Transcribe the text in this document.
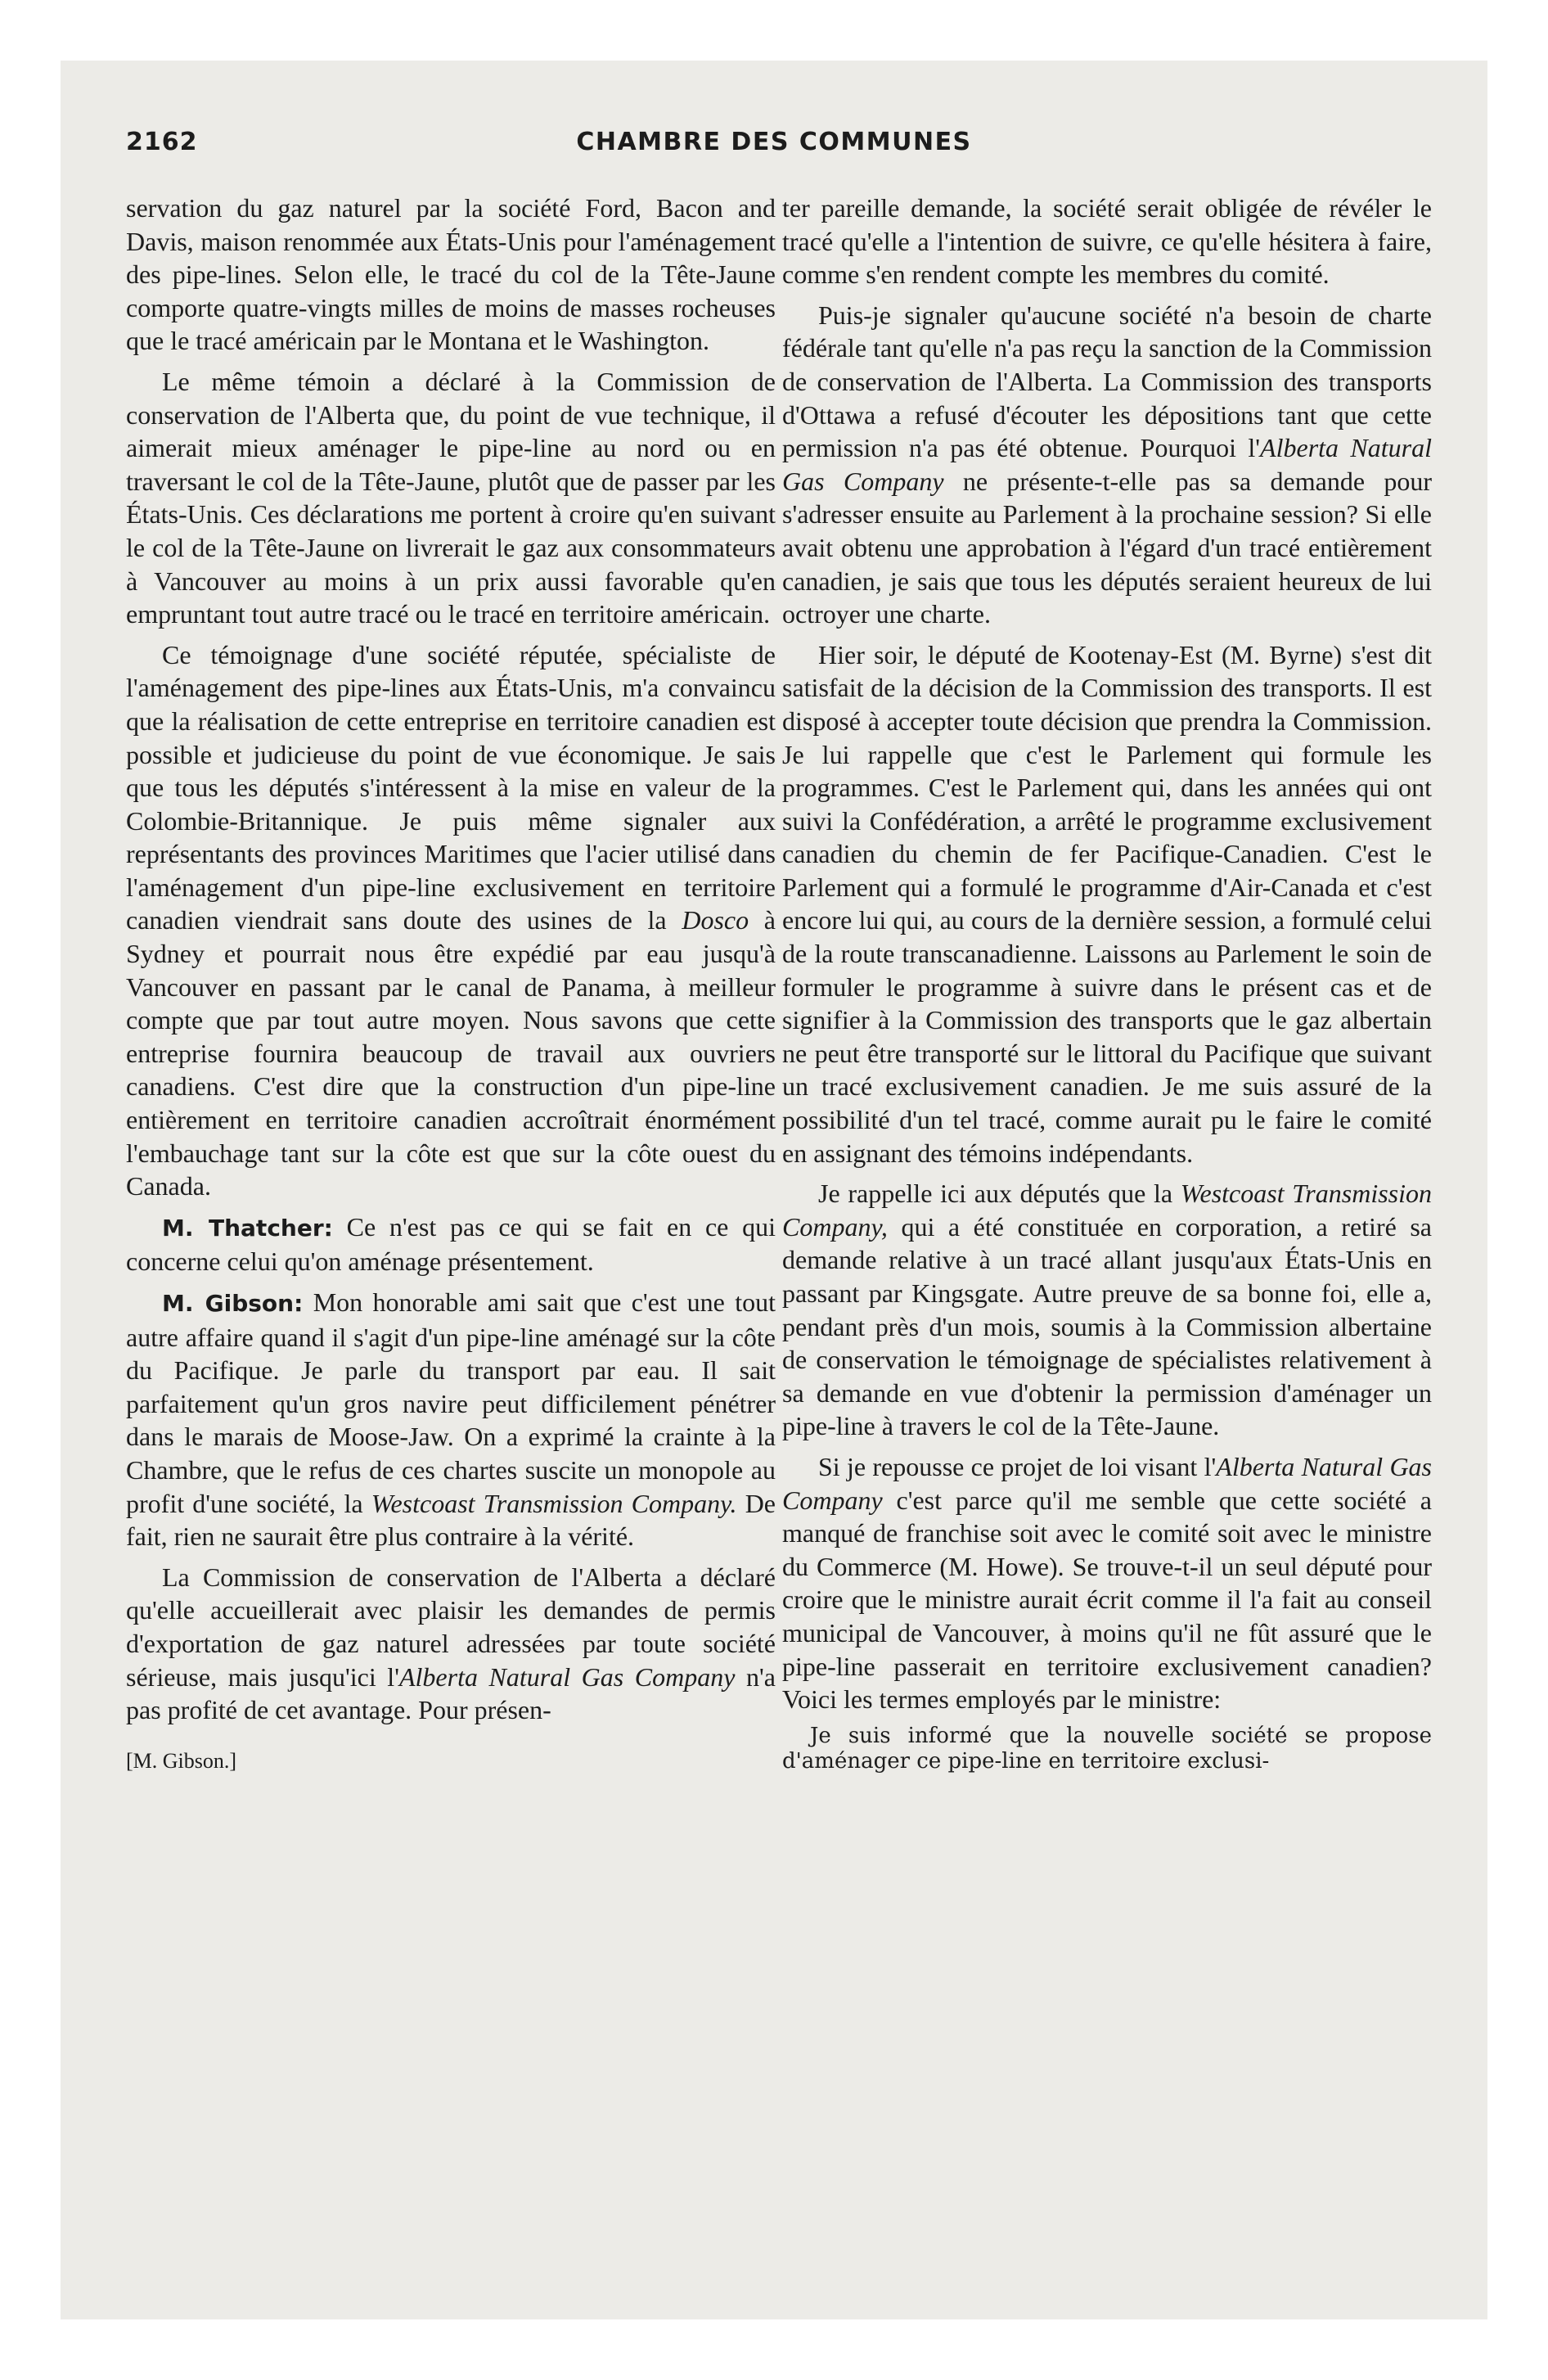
2162	CHAMBRE DES COMMUNES

servation du gaz naturel par la société Ford, Bacon and Davis, maison renommée aux États-Unis pour l'aménagement des pipe-lines. Selon elle, le tracé du col de la Tête-Jaune comporte quatre-vingts milles de moins de masses rocheuses que le tracé américain par le Montana et le Washington.

Le même témoin a déclaré à la Commission de conservation de l'Alberta que, du point de vue technique, il aimerait mieux aménager le pipe-line au nord ou en traversant le col de la Tête-Jaune, plutôt que de passer par les États-Unis. Ces déclarations me portent à croire qu'en suivant le col de la Tête-Jaune on livrerait le gaz aux consommateurs à Vancouver au moins à un prix aussi favorable qu'en empruntant tout autre tracé ou le tracé en territoire américain.

Ce témoignage d'une société réputée, spécialiste de l'aménagement des pipe-lines aux États-Unis, m'a convaincu que la réalisation de cette entreprise en territoire canadien est possible et judicieuse du point de vue économique. Je sais que tous les députés s'intéressent à la mise en valeur de la Colombie-Britannique. Je puis même signaler aux représentants des provinces Maritimes que l'acier utilisé dans l'aménagement d'un pipe-line exclusivement en territoire canadien viendrait sans doute des usines de la Dosco à Sydney et pourrait nous être expédié par eau jusqu'à Vancouver en passant par le canal de Panama, à meilleur compte que par tout autre moyen. Nous savons que cette entreprise fournira beaucoup de travail aux ouvriers canadiens. C'est dire que la construction d'un pipe-line entièrement en territoire canadien accroîtrait énormément l'embauchage tant sur la côte est que sur la côte ouest du Canada.

M. Thatcher: Ce n'est pas ce qui se fait en ce qui concerne celui qu'on aménage présentement.

M. Gibson: Mon honorable ami sait que c'est une tout autre affaire quand il s'agit d'un pipe-line aménagé sur la côte du Pacifique. Je parle du transport par eau. Il sait parfaitement qu'un gros navire peut difficilement pénétrer dans le marais de Moose-Jaw. On a exprimé la crainte à la Chambre, que le refus de ces chartes suscite un monopole au profit d'une société, la Westcoast Transmission Company. De fait, rien ne saurait être plus contraire à la vérité.

La Commission de conservation de l'Alberta a déclaré qu'elle accueillerait avec plaisir les demandes de permis d'exportation de gaz naturel adressées par toute société sérieuse, mais jusqu'ici l'Alberta Natural Gas Company n'a pas profité de cet avantage. Pour présen-

[M. Gibson.]

ter pareille demande, la société serait obligée de révéler le tracé qu'elle a l'intention de suivre, ce qu'elle hésitera à faire, comme s'en rendent compte les membres du comité.

Puis-je signaler qu'aucune société n'a besoin de charte fédérale tant qu'elle n'a pas reçu la sanction de la Commission de conservation de l'Alberta. La Commission des transports d'Ottawa a refusé d'écouter les dépositions tant que cette permission n'a pas été obtenue. Pourquoi l'Alberta Natural Gas Company ne présente-t-elle pas sa demande pour s'adresser ensuite au Parlement à la prochaine session? Si elle avait obtenu une approbation à l'égard d'un tracé entièrement canadien, je sais que tous les députés seraient heureux de lui octroyer une charte.

Hier soir, le député de Kootenay-Est (M. Byrne) s'est dit satisfait de la décision de la Commission des transports. Il est disposé à accepter toute décision que prendra la Commission. Je lui rappelle que c'est le Parlement qui formule les programmes. C'est le Parlement qui, dans les années qui ont suivi la Confédération, a arrêté le programme exclusivement canadien du chemin de fer Pacifique-Canadien. C'est le Parlement qui a formulé le programme d'Air-Canada et c'est encore lui qui, au cours de la dernière session, a formulé celui de la route transcanadienne. Laissons au Parlement le soin de formuler le programme à suivre dans le présent cas et de signifier à la Commission des transports que le gaz albertain ne peut être transporté sur le littoral du Pacifique que suivant un tracé exclusivement canadien. Je me suis assuré de la possibilité d'un tel tracé, comme aurait pu le faire le comité en assignant des témoins indépendants.

Je rappelle ici aux députés que la Westcoast Transmission Company, qui a été constituée en corporation, a retiré sa demande relative à un tracé allant jusqu'aux États-Unis en passant par Kingsgate. Autre preuve de sa bonne foi, elle a, pendant près d'un mois, soumis à la Commission albertaine de conservation le témoignage de spécialistes relativement à sa demande en vue d'obtenir la permission d'aménager un pipe-line à travers le col de la Tête-Jaune.

Si je repousse ce projet de loi visant l'Alberta Natural Gas Company c'est parce qu'il me semble que cette société a manqué de franchise soit avec le comité soit avec le ministre du Commerce (M. Howe). Se trouve-t-il un seul député pour croire que le ministre aurait écrit comme il l'a fait au conseil municipal de Vancouver, à moins qu'il ne fût assuré que le pipe-line passerait en territoire exclusivement canadien? Voici les termes employés par le ministre:

Je suis informé que la nouvelle société se propose d'aménager ce pipe-line en territoire exclusi-
